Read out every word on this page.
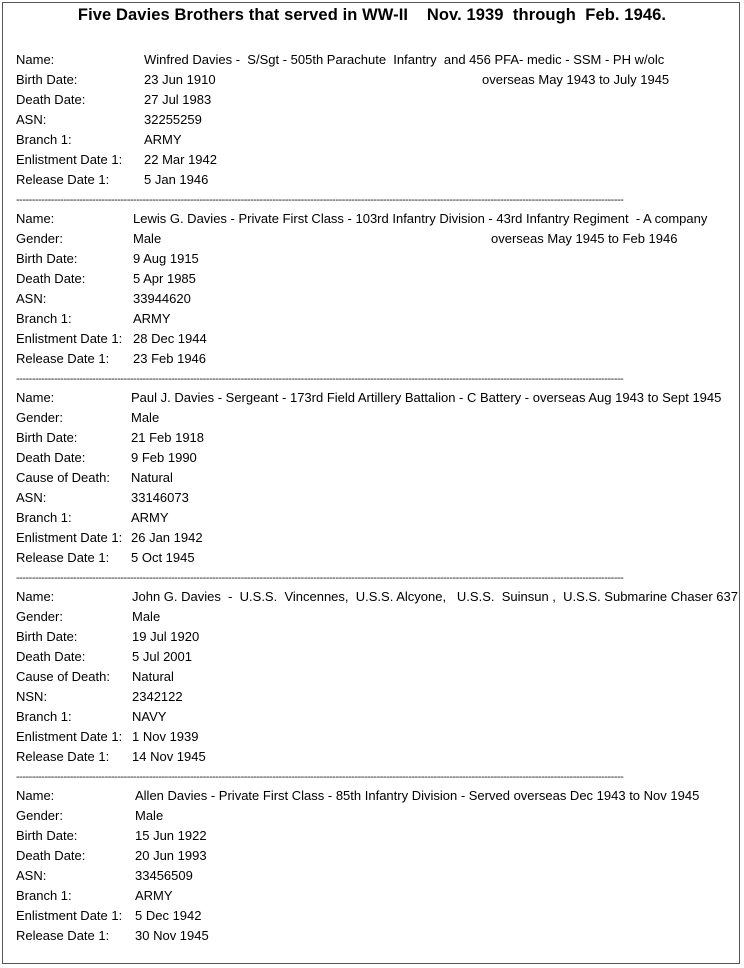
Five Davies Brothers that served in WW-II    Nov. 1939  through  Feb. 1946.
Name:	Winfred Davies -  S/Sgt - 505th Parachute  Infantry  and 456 PFA- medic - SSM - PH w/olc
Birth Date:	23 Jun 1910	overseas May 1943 to July 1945
Death Date:	27 Jul 1983
ASN:	32255259
Branch 1:	ARMY
Enlistment Date 1: 22 Mar 1942
Release Date 1:	5 Jan 1946
------------------------------------------------------------------------------------------------------------------------------------------------------------------------------------------------
Name:	Lewis G. Davies - Private First Class - 103rd Infantry Division - 43rd Infantry Regiment  - A company
Gender:	Male	overseas May 1945 to Feb 1946
Birth Date:	9 Aug 1915
Death Date:	5 Apr 1985
ASN:	33944620
Branch 1:	ARMY
Enlistment Date 1: 28 Dec 1944
Release Date 1: 23 Feb 1946
------------------------------------------------------------------------------------------------------------------------------------------------------------------------------------------------
Name:	Paul J. Davies - Sergeant - 173rd Field Artillery Battalion - C Battery - overseas Aug 1943 to Sept 1945
Gender:	Male
Birth Date:	21 Feb 1918
Death Date:	9 Feb 1990
Cause of Death: Natural
ASN:	33146073
Branch 1:	ARMY
Enlistment Date 1: 26 Jan 1942
Release Date 1: 5 Oct 1945
------------------------------------------------------------------------------------------------------------------------------------------------------------------------------------------------
Name:	John G. Davies  -  U.S.S.  Vincennes,  U.S.S. Alcyone,   U.S.S.  Suinsun ,  U.S.S. Submarine Chaser 637
Gender:	Male
Birth Date:	19 Jul 1920
Death Date:	5 Jul 2001
Cause of Death: Natural
NSN:	2342122
Branch 1:	NAVY
Enlistment Date 1: 1 Nov 1939
Release Date 1: 14 Nov 1945
------------------------------------------------------------------------------------------------------------------------------------------------------------------------------------------------
Name:	Allen Davies - Private First Class - 85th Infantry Division - Served overseas Dec 1943 to Nov 1945
Gender:	Male
Birth Date:	15 Jun 1922
Death Date:	20 Jun 1993
ASN:	33456509
Branch 1:	ARMY
Enlistment Date 1: 5 Dec 1942
Release Date 1: 30 Nov 1945
